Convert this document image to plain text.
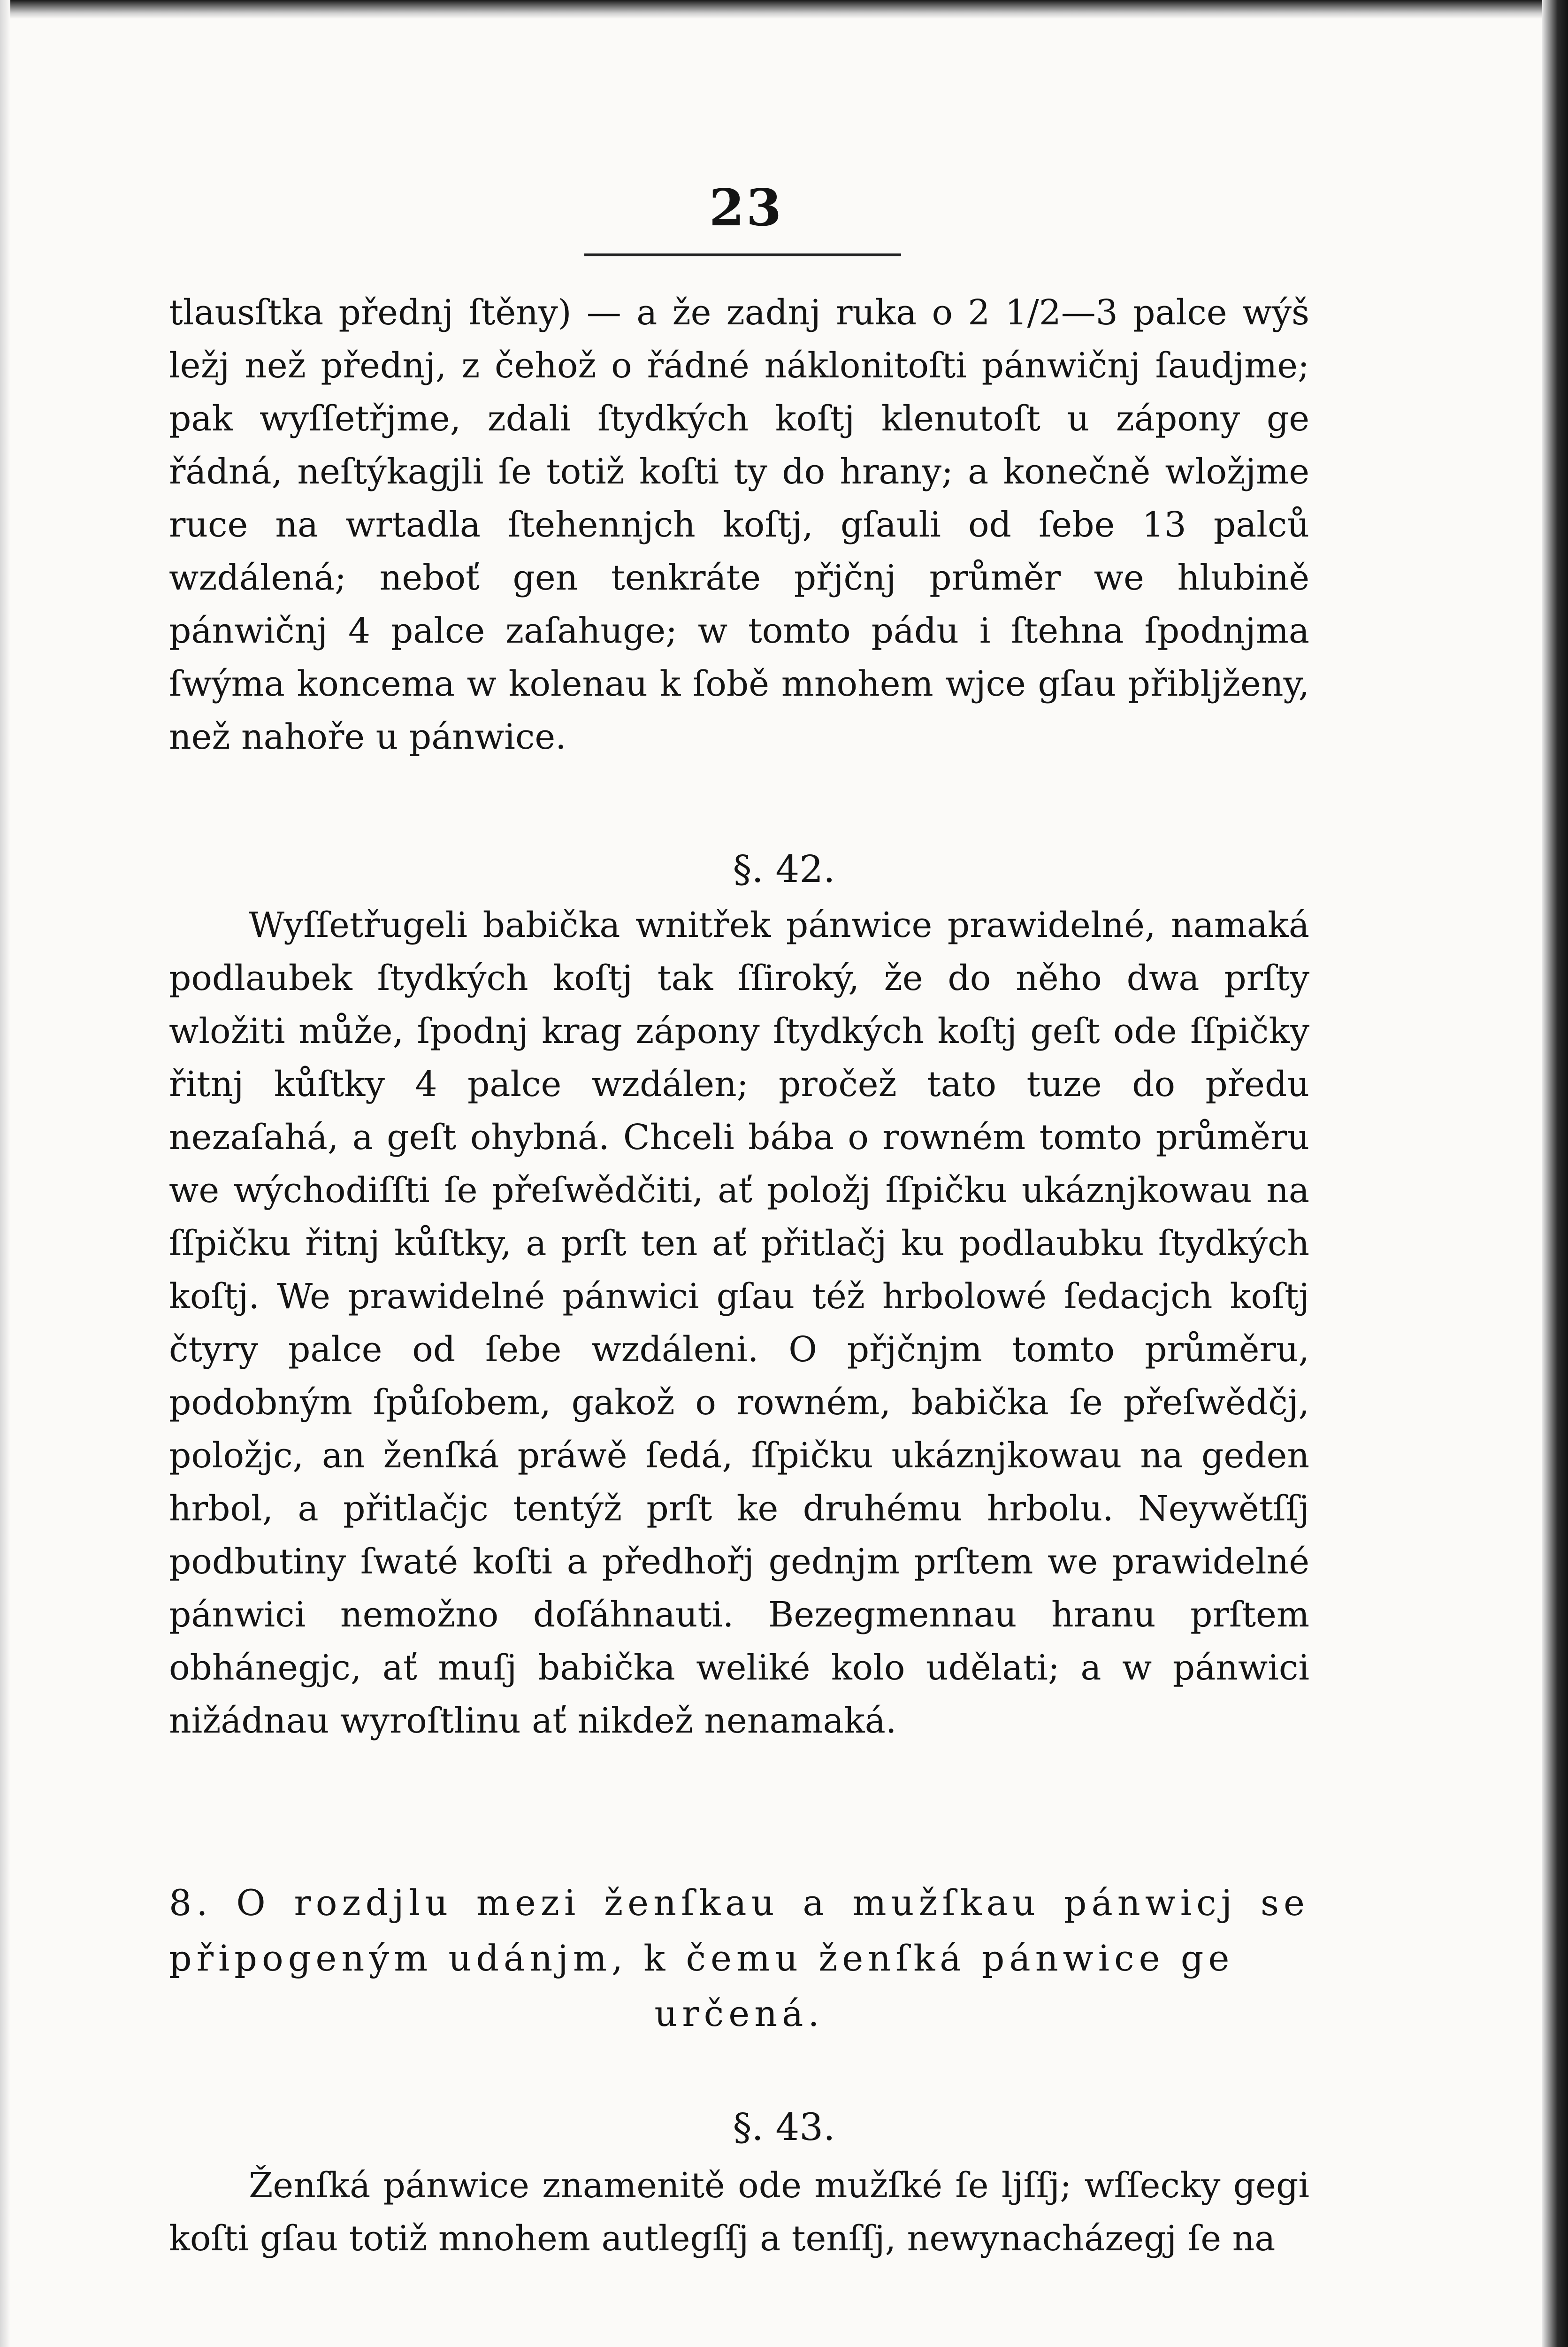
23

tlausſtka přednj ſtěny) — a že zadnj ruka o 2 1/2—3 palce wýš ležj než přednj, z čehož o řádné náklonitoſti pánwičnj ſaudjme; pak wyſſetřjme, zdali ſtydkých koſtj klenutoſt u zápony ge řádná, neſtýkagjli ſe totiž koſti ty do hrany; a konečně wložjme ruce na wrtadla ſtehennjch koſtj, gſauli od ſebe 13 palců wzdálená; neboť gen tenkráte přjčnj průměr we hlubině pánwičnj 4 palce zaſahuge; w tomto pádu i ſtehna ſpodnjma ſwýma koncema w kolenau k ſobě mnohem wjce gſau přibljženy, než nahoře u pánwice.

§. 42.

Wyſſetřugeli babička wnitřek pánwice prawidelné, namaká podlaubek ſtydkých koſtj tak ſſiroký, že do něho dwa prſty wložiti může, ſpodnj krag zápony ſtydkých koſtj geſt ode ſſpičky řitnj kůſtky 4 palce wzdálen; pročež tato tuze do předu nezaſahá, a geſt ohybná. Chceli bába o rowném tomto průměru we wýchodiſſti ſe přeſwědčiti, ať položj ſſpičku ukáznjkowau na ſſpičku řitnj kůſtky, a prſt ten ať přitlačj ku podlaubku ſtydkých koſtj. We prawidelné pánwici gſau též hrbolowé ſedacjch koſtj čtyry palce od ſebe wzdáleni. O přjčnjm tomto průměru, podobným ſpůſobem, gakož o rowném, babička ſe přeſwědčj, položjc, an ženſká práwě ſedá, ſſpičku ukáznjkowau na geden hrbol, a přitlačjc tentýž prſt ke druhému hrbolu. Neywětſſj podbutiny ſwaté koſti a předhořj gednjm prſtem we prawidelné pánwici nemožno doſáhnauti. Bezegmennau hranu prſtem obhánegjc, ať muſj babička weliké kolo udělati; a w pánwici nižádnau wyroſtlinu ať nikdež nenamaká.

8. O rozdjlu mezi ženſkau a mužſkau pánwicj se připogeným udánjm, k čemu ženſká pánwice ge
určená.
§. 43.

Ženſká pánwice znamenitě ode mužſké ſe ljſſj; wſſecky gegi koſti gſau totiž mnohem autlegſſj a tenſſj, newynacházegj ſe na
